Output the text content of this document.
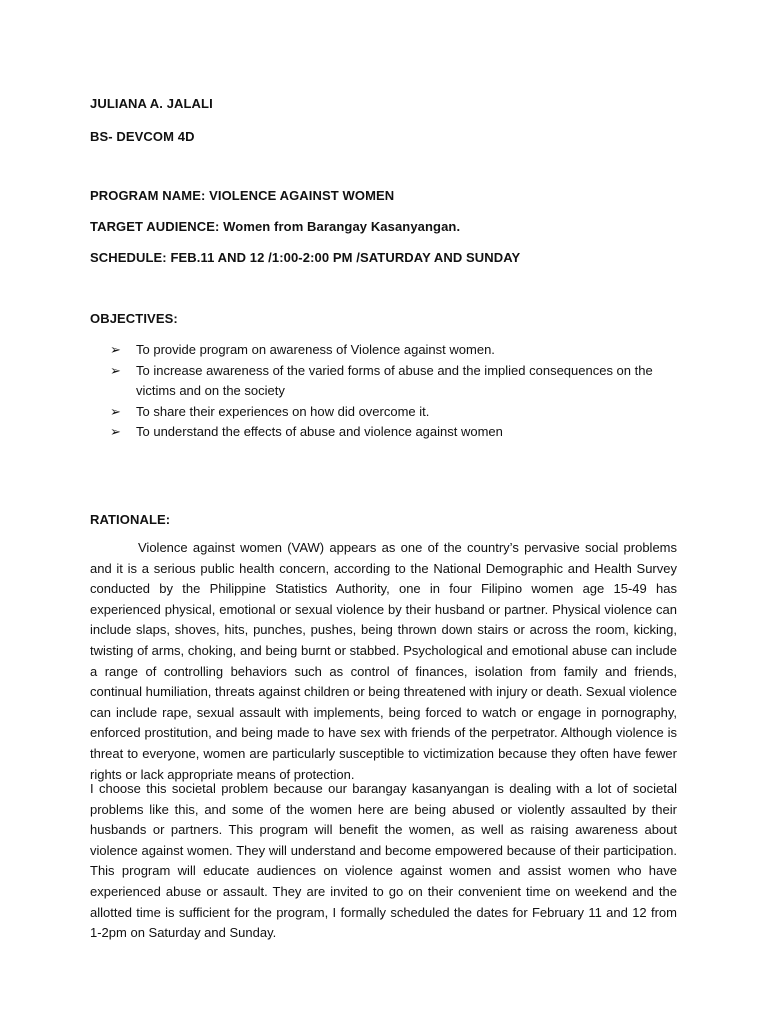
JULIANA A. JALALI
BS- DEVCOM 4D
PROGRAM NAME: VIOLENCE AGAINST WOMEN
TARGET AUDIENCE: Women from Barangay Kasanyangan.
SCHEDULE: FEB.11 AND 12 /1:00-2:00 PM /SATURDAY AND SUNDAY
OBJECTIVES:
➢ To provide program on awareness of Violence against women.
➢ To increase awareness of the varied forms of abuse and the implied consequences on the victims and on the society
➢ To share their experiences on how did overcome it.
➢ To understand the effects of abuse and violence against women
RATIONALE:

Violence against women (VAW) appears as one of the country’s pervasive social problems and it is a serious public health concern, according to the National Demographic and Health Survey conducted by the Philippine Statistics Authority, one in four Filipino women age 15-49 has experienced physical, emotional or sexual violence by their husband or partner. Physical violence can include slaps, shoves, hits, punches, pushes, being thrown down stairs or across the room, kicking, twisting of arms, choking, and being burnt or stabbed. Psychological and emotional abuse can include a range of controlling behaviors such as control of finances, isolation from family and friends, continual humiliation, threats against children or being threatened with injury or death. Sexual violence can include rape, sexual assault with implements, being forced to watch or engage in pornography, enforced prostitution, and being made to have sex with friends of the perpetrator. Although violence is threat to everyone, women are particularly susceptible to victimization because they often have fewer rights or lack appropriate means of protection.

I choose this societal problem because our barangay kasanyangan is dealing with a lot of societal problems like this, and some of the women here are being abused or violently assaulted by their husbands or partners. This program will benefit the women, as well as raising awareness about violence against women. They will understand and become empowered because of their participation. This program will educate audiences on violence against women and assist women who have experienced abuse or assault. They are invited to go on their convenient time on weekend and the allotted time is sufficient for the program, I formally scheduled the dates for February 11 and 12 from 1-2pm on Saturday and Sunday.
